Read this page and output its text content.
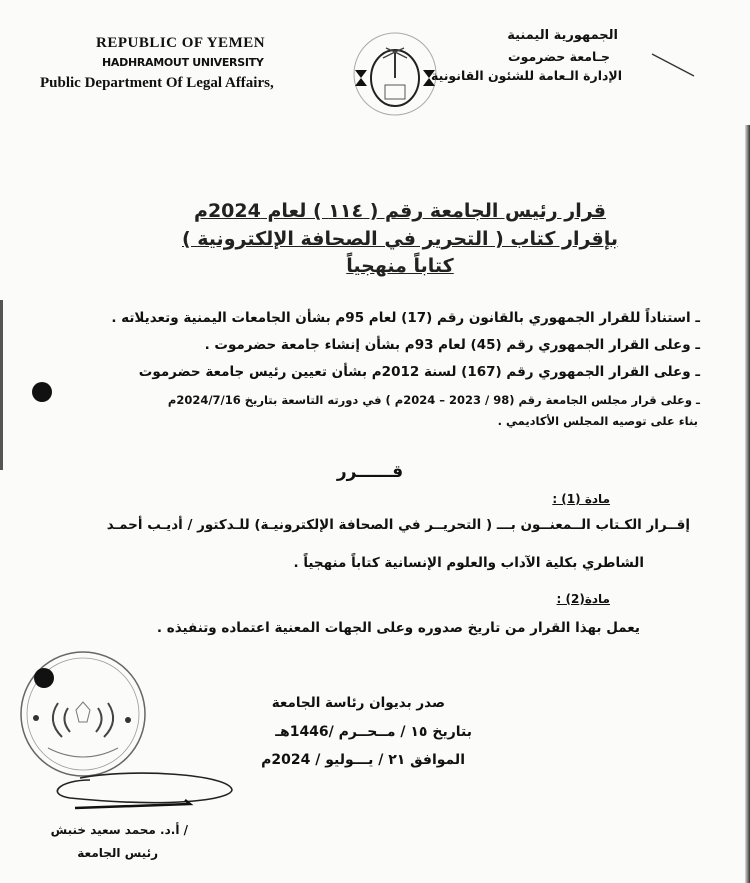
REPUBLIC OF YEMEN
HADHRAMOUT UNIVERSITY
Public Department Of Legal Affairs,
الجمهورية اليمنية
جـامعة حضرموت
الإدارة الـعامة للشئون القانونية
قرار رئيس الجامعة رقم ( ١١٤ ) لعام 2024م
بإقرار كتاب ( التحرير في الصحافة الإلكترونية )
كتاباً منهجياً
ـ استناداً للقرار الجمهوري بالقانون رقم (17) لعام 95م بشأن الجامعات اليمنية وتعديلاته .
ـ وعلى القرار الجمهوري رقم (45) لعام 93م بشأن إنشاء جامعة حضرموت .
ـ وعلى القرار الجمهوري رقم (167) لسنة 2012م بشأن تعيين رئيس جامعة حضرموت
ـ وعلى قرار مجلس الجامعة رقم (98 / 2023 – 2024م ) في دورته التاسعة بتاريخ 2024/7/16م
بناء على توصيه المجلس الأكاديمي .
قــــــرر
مادة (1) :
إقــرار الكـتاب الــمعنــون بـــ ( التحريــر في الصحافة الإلكترونيـة) للـدكتور / أديـب أحمـد
الشاطري بكلية الآداب والعلوم الإنسانية كتاباً منهجياً .
مادة(2) :
يعمل بهذا القرار من تاريخ صدوره وعلى الجهات المعنية اعتماده وتنفيذه .
صدر بديوان رئاسة الجامعة
بتاريخ ١٥ / مــحــرم /1446هـ
الموافق ٢١ / يـــوليو / 2024م
/ أ.د. محمد سعيد خنبش
رئيس الجامعة
